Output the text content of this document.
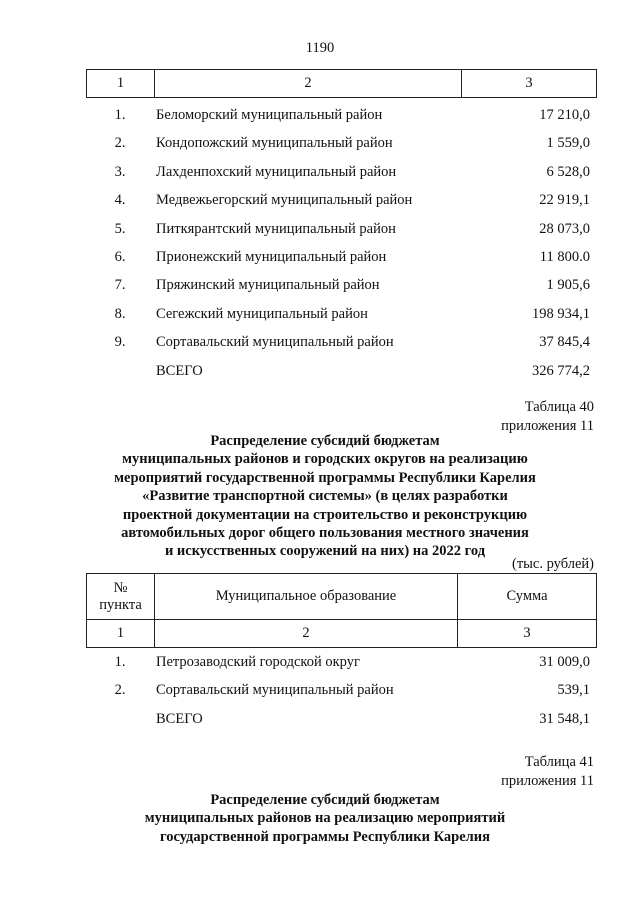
1190
1	2	3
1.	Беломорский муниципальный район	17 210,0
2.	Кондопожский муниципальный район	1 559,0
3.	Лахденпохский муниципальный район	6 528,0
4.	Медвежьегорский муниципальный район	22 919,1
5.	Питкярантский муниципальный район	28 073,0
6.	Прионежский муниципальный район	11 800.0
7.	Пряжинский муниципальный район	1 905,6
8.	Сегежский муниципальный район	198 934,1
9.	Сортавальский муниципальный район	37 845,4
ВСЕГО	326 774,2
Таблица 40
приложения 11
Распределение субсидий бюджетам
муниципальных районов и городских округов на реализацию
мероприятий государственной программы Республики Карелия
«Развитие транспортной системы» (в целях разработки
проектной документации на строительство и реконструкцию
автомобильных дорог общего пользования местного значения
и искусственных сооружений на них) на 2022 год
(тыс. рублей)
№
пункта	Муниципальное образование	Сумма
1	2	3
1.	Петрозаводский городской округ	31 009,0
2.	Сортавальский муниципальный район	539,1
ВСЕГО	31 548,1
Таблица 41
приложения 11
Распределение субсидий бюджетам
муниципальных районов на реализацию мероприятий
государственной программы Республики Карелия
